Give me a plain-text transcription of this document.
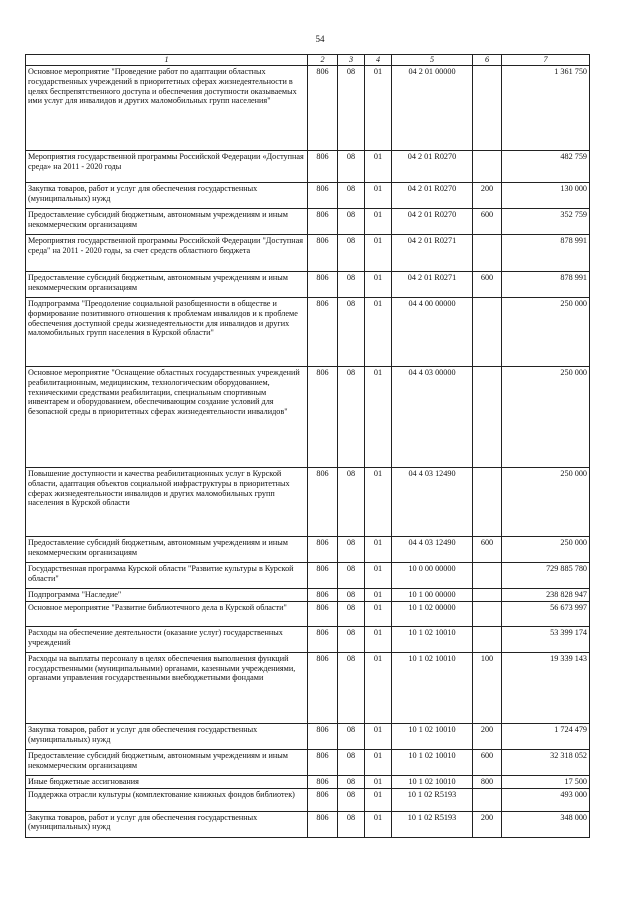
54
1	2	3	4	5	6	7
Основное мероприятие "Проведение работ по адаптации областных государственных учреждений в приоритетных сферах жизнедеятельности в целях беспрепятственного доступа и обеспечения доступности оказываемых ими услуг для инвалидов и других маломобильных групп населения"	806	08	01	04 2 01 00000		1 361 750
Мероприятия государственной программы Российской Федерации «Доступная среда» на 2011 - 2020 годы	806	08	01	04 2 01 R0270		482 759
Закупка товаров, работ и услуг для обеспечения государственных (муниципальных) нужд	806	08	01	04 2 01 R0270	200	130 000
Предоставление субсидий бюджетным, автономным учреждениям и иным некоммерческим организациям	806	08	01	04 2 01 R0270	600	352 759
Мероприятия государственной программы Российской Федерации "Доступная среда" на 2011 - 2020 годы, за счет средств областного бюджета	806	08	01	04 2 01 R0271		878 991
Предоставление субсидий бюджетным, автономным учреждениям и иным некоммерческим организациям	806	08	01	04 2 01 R0271	600	878 991
Подпрограмма "Преодоление социальной разобщенности в обществе и формирование позитивного отношения к проблемам инвалидов и к проблеме обеспечения доступной среды жизнедеятельности для инвалидов и других маломобильных групп населения в Курской области"	806	08	01	04 4 00 00000		250 000
Основное мероприятие "Оснащение областных государственных учреждений реабилитационным, медицинским, технологическим оборудованием, техническими средствами реабилитации, специальным спортивным инвентарем и оборудованием, обеспечивающим создание условий для безопасной среды в приоритетных сферах жизнедеятельности инвалидов"	806	08	01	04 4 03 00000		250 000
Повышение доступности и качества реабилитационных услуг в Курской области, адаптация объектов социальной инфраструктуры в приоритетных сферах жизнедеятельности инвалидов и других маломобильных групп населения в Курской области	806	08	01	04 4 03 12490		250 000
Предоставление субсидий бюджетным, автономным учреждениям и иным некоммерческим организациям	806	08	01	04 4 03 12490	600	250 000
Государственная программа Курской области "Развитие культуры в Курской области"	806	08	01	10 0 00 00000		729 885 780
Подпрограмма "Наследие"	806	08	01	10 1 00 00000		238 828 947
Основное мероприятие "Развитие библиотечного дела в Курской области"	806	08	01	10 1 02 00000		56 673 997
Расходы на обеспечение деятельности (оказание услуг) государственных учреждений	806	08	01	10 1 02 10010		53 399 174
Расходы на выплаты персоналу в целях обеспечения выполнения функций государственными (муниципальными) органами, казенными учреждениями, органами управления государственными внебюджетными фондами	806	08	01	10 1 02 10010	100	19 339 143
Закупка товаров, работ и услуг для обеспечения государственных (муниципальных) нужд	806	08	01	10 1 02 10010	200	1 724 479
Предоставление субсидий бюджетным, автономным учреждениям и иным некоммерческим организациям	806	08	01	10 1 02 10010	600	32 318 052
Иные бюджетные ассигнования	806	08	01	10 1 02 10010	800	17 500
Поддержка отрасли культуры (комплектование книжных фондов библиотек)	806	08	01	10 1 02 R5193		493 000
Закупка товаров, работ и услуг для обеспечения государственных (муниципальных) нужд	806	08	01	10 1 02 R5193	200	348 000
